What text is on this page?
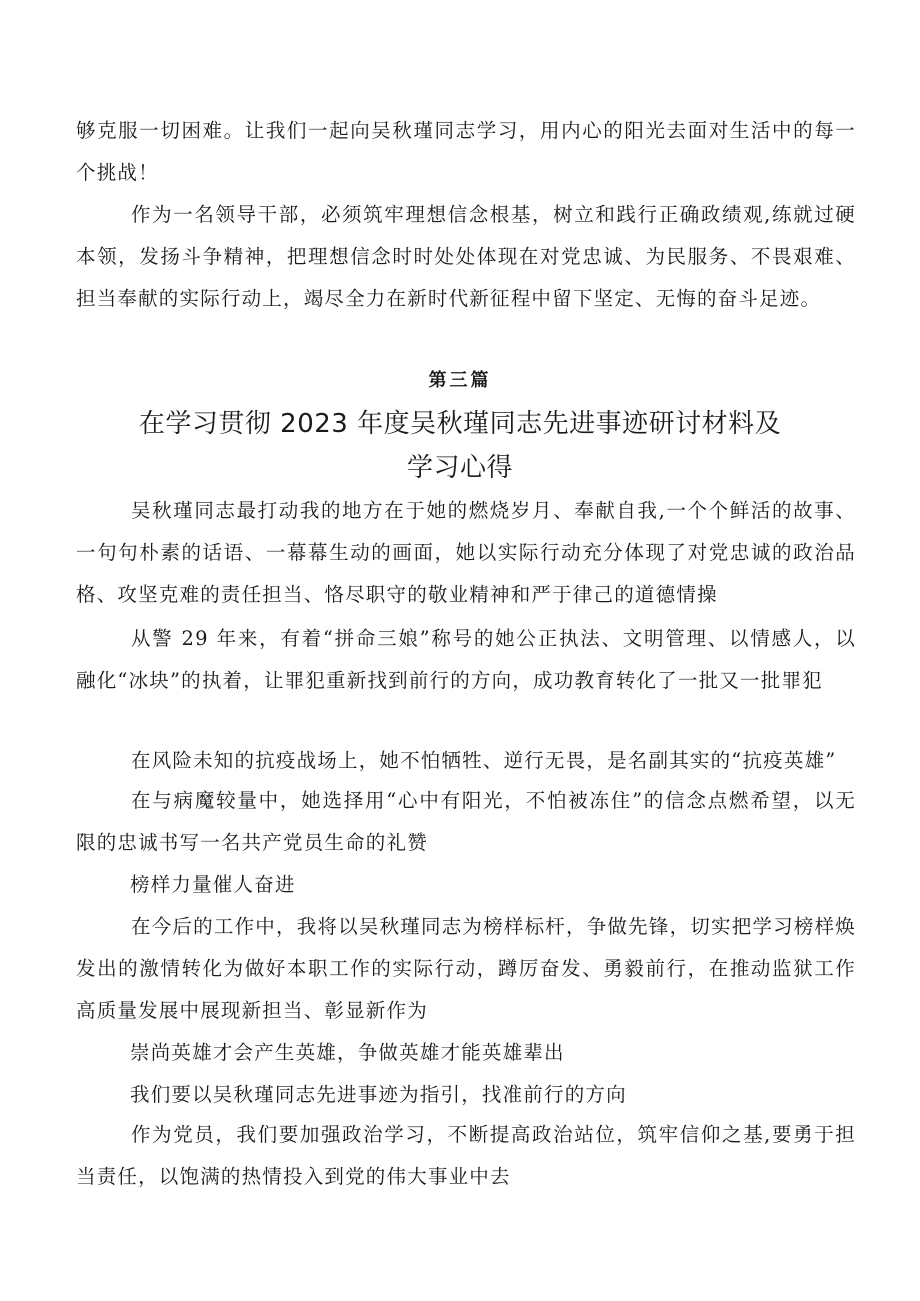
够克服一切困难。让我们一起向吴秋瑾同志学习，用内心的阳光去面对生活中的每一个挑战！

作为一名领导干部，必须筑牢理想信念根基，树立和践行正确政绩观,练就过硬本领，发扬斗争精神，把理想信念时时处处体现在对党忠诚、为民服务、不畏艰难、担当奉献的实际行动上，竭尽全力在新时代新征程中留下坚定、无悔的奋斗足迹。

第三篇

在学习贯彻 2023 年度吴秋瑾同志先进事迹研讨材料及
学习心得

吴秋瑾同志最打动我的地方在于她的燃烧岁月、奉献自我,一个个鲜活的故事、一句句朴素的话语、一幕幕生动的画面，她以实际行动充分体现了对党忠诚的政治品格、攻坚克难的责任担当、恪尽职守的敬业精神和严于律己的道德情操

从警 29 年来，有着“拼命三娘”称号的她公正执法、文明管理、以情感人，以融化“冰块”的执着，让罪犯重新找到前行的方向，成功教育转化了一批又一批罪犯

在风险未知的抗疫战场上，她不怕牺牲、逆行无畏，是名副其实的“抗疫英雄”

在与病魔较量中，她选择用“心中有阳光，不怕被冻住”的信念点燃希望，以无限的忠诚书写一名共产党员生命的礼赞

榜样力量催人奋进

在今后的工作中，我将以吴秋瑾同志为榜样标杆，争做先锋，切实把学习榜样焕发出的激情转化为做好本职工作的实际行动，蹲厉奋发、勇毅前行，在推动监狱工作高质量发展中展现新担当、彰显新作为

崇尚英雄才会产生英雄，争做英雄才能英雄辈出

我们要以吴秋瑾同志先进事迹为指引，找准前行的方向

作为党员，我们要加强政治学习，不断提高政治站位，筑牢信仰之基,要勇于担当责任，以饱满的热情投入到党的伟大事业中去
